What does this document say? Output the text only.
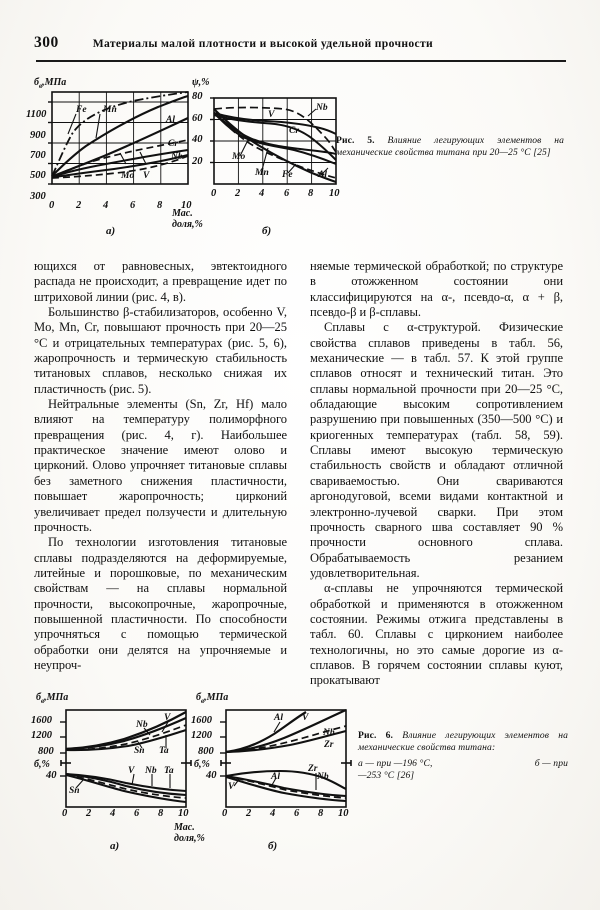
300	Материалы малой плотности и высокой удельной прочности
$б_в,МПа$
1100
900
700
500
300
0 2 4 6 8 10
Fe Mn
Al
Cr
Nb
Mo V
а)
ψ,%
80
60
40
20
0 2 4 6 8 10
Nb
V
Cr
Mo
Mn Fe	Al
б)
Мас. доля,%
Рис. 5. Влияние легирующих элементов на механические свойства титана при 20—25 °С [25]

ющихся от равновесных, эвтектоидного распада не происходит, а превращение идет по штриховой линии (рис. 4, в).

Большинство β-стабилизаторов, особенно V, Mo, Mn, Cr, повышают прочность при 20—25 °С и отрицательных температурах (рис. 5, 6), жаропрочность и термическую стабильность титановых сплавов, несколько снижая их пластичность (рис. 5).

Нейтральные элементы (Sn, Zr, Hf) мало влияют на температуру полиморфного превращения (рис. 4, г). Наибольшее практическое значение имеют олово и цирконий. Олово упрочняет титановые сплавы без заметного снижения пластичности, повышает жаропрочность; цирконий увеличивает предел ползучести и длительную прочность.

По технологии изготовления титановые сплавы подразделяются на деформируемые, литейные и порошковые, по механическим свойствам — на сплавы нормальной прочности, высокопрочные, жаропрочные, повышенной пластичности. По способности упрочняться с помощью термической обработки они делятся на упрочняемые и неупроч-

няемые термической обработкой; по структуре в отожженном состоянии они классифицируются на α-, псевдо-α, α + β, псевдо-β и β-сплавы.

Сплавы с α-структурой. Физические свойства сплавов приведены в табл. 56, механические — в табл. 57. К этой группе сплавов относят и технический титан. Это сплавы нормальной прочности при 20—25 °С, обладающие высоким сопротивлением разрушению при повышенных (350—500 °С) и криогенных температурах (табл. 58, 59). Сплавы имеют высокую термическую стабильность свойств и обладают отличной свариваемостью. Они свариваются аргонодуговой, всеми видами контактной и электронно-лучевой сварки. При этом прочность сварного шва составляет 90 % прочности основного сплава. Обрабатываемость резанием удовлетворительная.

α-сплавы не упрочняются термической обработкой и применяются в отожженном состоянии. Режимы отжига представлены в табл. 60. Сплавы с цирконием наиболее технологичны, но это самые дорогие из α-сплавов. В горячем состоянии сплавы куют, прокатывают

$б_в,МПа$
1600
1200
800
б,%
40
0 2 4 6 8 10
V
Nb
Sn Ta
Sn
V Nb Ta
а)
$б_в,МПа$
1600
1200
800
б,%
40
0 2 4 6 8 10
Al V
Nb
Zr
Zr
Al	Nb
V
б)
Мас. доля,%
Рис. 6. Влияние легирующих элементов на механические свойства титана:
а — при —196 °С,	б — при
—253 °С [26]
